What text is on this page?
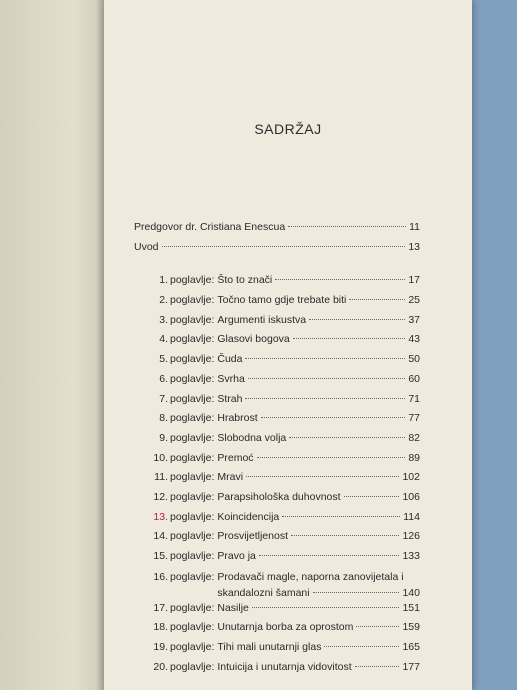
SADRŽAJ
Predgovor dr. Cristiana Enescua	11
Uvod	13
1. poglavlje: Što to znači	17
2. poglavlje: Točno tamo gdje trebate biti	25
3. poglavlje: Argumenti iskustva	37
4. poglavlje: Glasovi bogova	43
5. poglavlje: Čuda	50
6. poglavlje: Svrha	60
7. poglavlje: Strah	71
8. poglavlje: Hrabrost	77
9. poglavlje: Slobodna volja	82
10. poglavlje: Premoć	89
11. poglavlje: Mravi	102
12. poglavlje: Parapsihološka duhovnost	106
13. poglavlje: Koincidencija	114
14. poglavlje: Prosvijetljenost	126
15. poglavlje: Pravo ja	133
16. poglavlje: Prodavači magle, naporna zanovijetala i
skandalozni šamani	140
17. poglavlje: Nasilje	151
18. poglavlje: Unutarnja borba za oprostom	159
19. poglavlje: Tihi mali unutarnji glas	165
20. poglavlje: Intuicija i unutarnja vidovitost	177
